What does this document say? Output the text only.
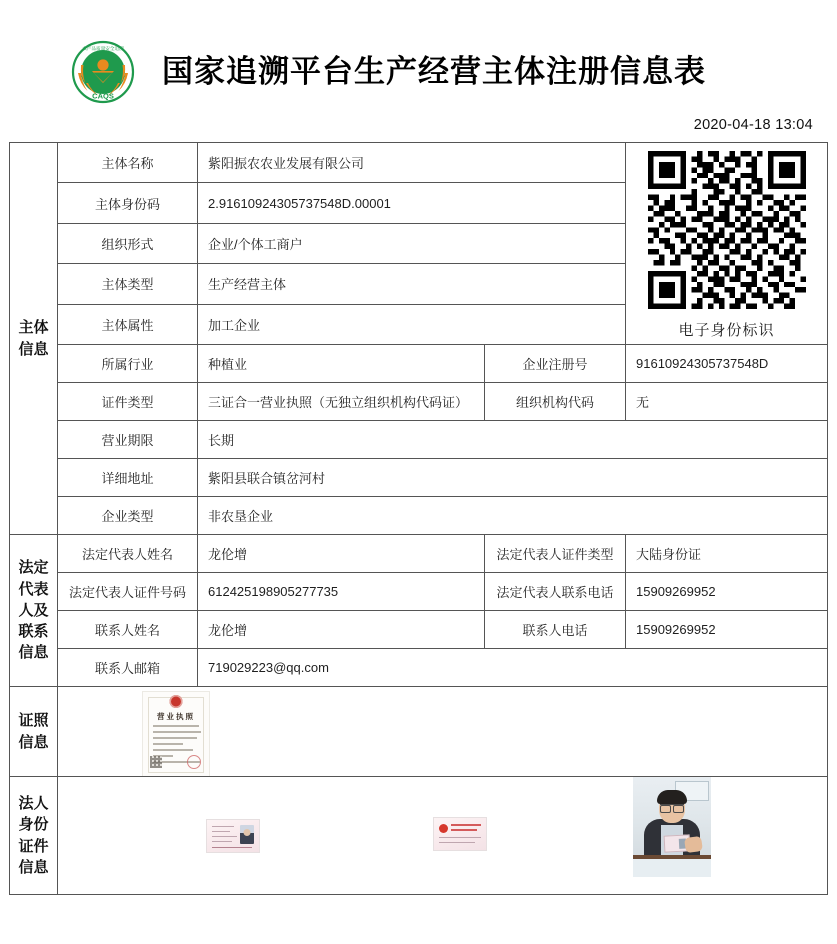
CAQS
农产品质量安全追溯
国家追溯平台生产经营主体注册信息表
2020-04-18 13:04
主体信息	主体名称	紫阳振农农业发展有限公司		电子身份标识

	主体身份码	2.91610924305737548D.00001		
	组织形式	企业/个体工商户		
	主体类型	生产经营主体		
	主体属性	加工企业		
	所属行业	种植业	企业注册号	91610924305737548D
	证件类型	三证合一营业执照（无独立组织机构代码证）	组织机构代码	无
	营业期限	长期		
	详细地址	紫阳县联合镇岔河村		
	企业类型	非农垦企业		
法定代表人及联系信息	法定代表人姓名	龙伦增	法定代表人证件类型	大陆身份证
	法定代表人证件号码	612425198905277735	法定代表人联系电话	15909269952
	联系人姓名	龙伦增	联系人电话	15909269952
	联系人邮箱	719029223@qq.com		
证照信息	营业执照			

法人身份证件信息				
